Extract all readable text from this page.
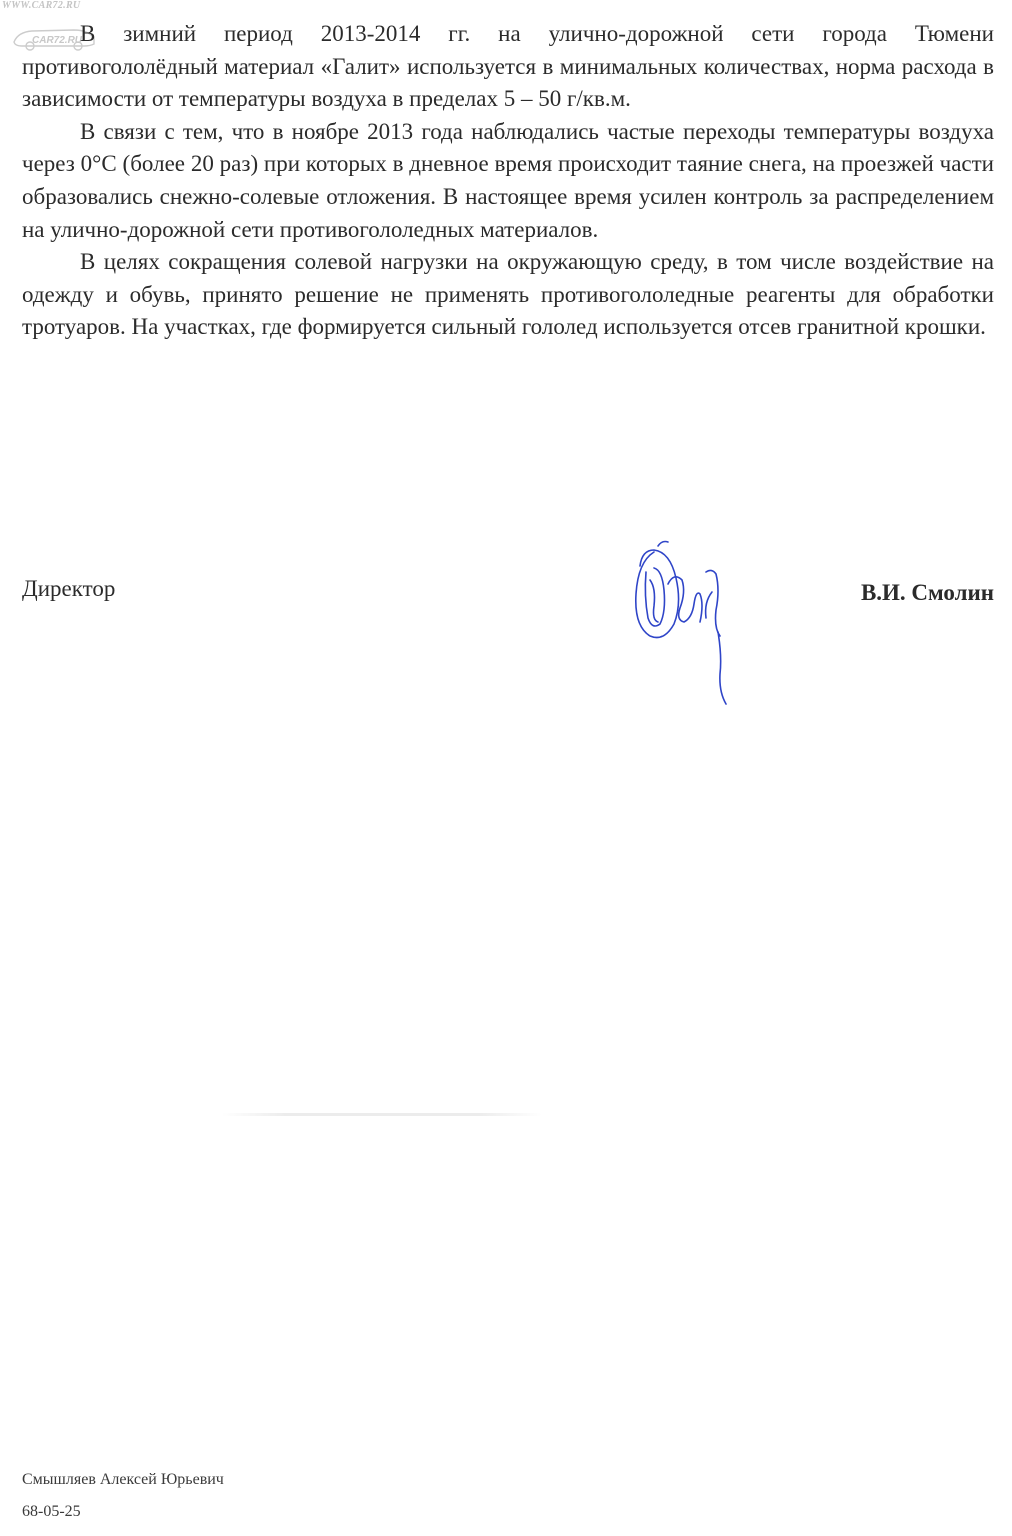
WWW.CAR72.RU
CAR72.RU

В зимний период 2013-2014 гг. на улично-дорожной сети города Тюмени противогололёдный материал «Галит» используется в минимальных количествах, норма расхода в зависимости от температуры воздуха в пределах 5 – 50 г/кв.м.

В связи с тем, что в ноябре 2013 года наблюдались частые переходы температуры воздуха через 0°С (более 20 раз) при которых в дневное время происходит таяние снега, на проезжей части образовались снежно-солевые отложения. В настоящее время усилен контроль за распределением на улично-дорожной сети противогололедных материалов.

В целях сокращения солевой нагрузки на окружающую среду, в том числе воздействие на одежду и обувь, принято решение не применять противогололедные реагенты для обработки тротуаров. На участках, где формируется сильный гололед используется отсев гранитной крошки.

Директор	В.И. Смолин
Смышляев Алексей Юрьевич
68-05-25
